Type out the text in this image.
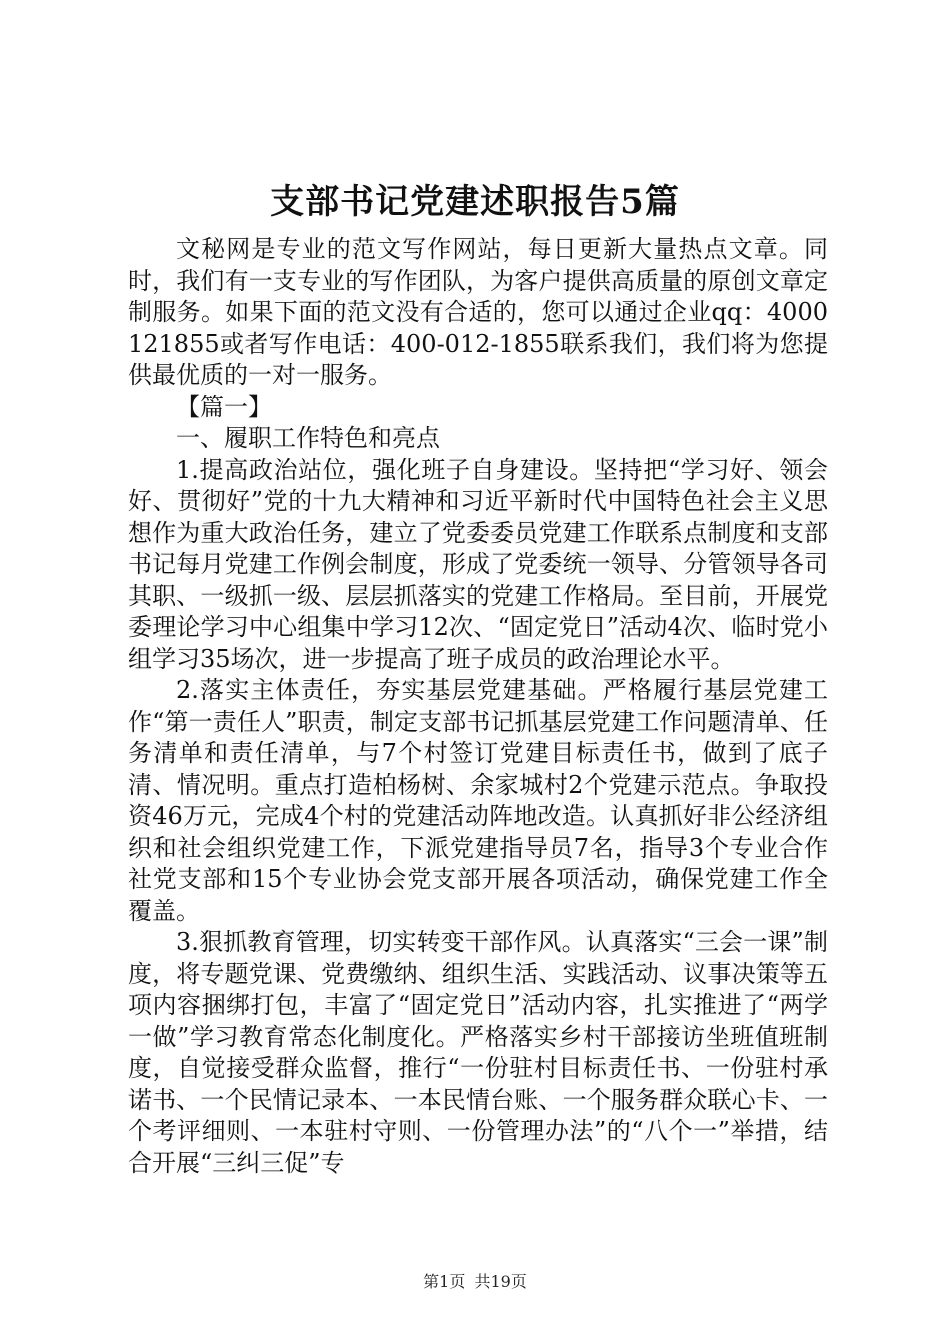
支部书记党建述职报告5篇

文秘网是专业的范文写作网站，每日更新大量热点文章。同时，我们有一支专业的写作团队，为客户提供高质量的原创文章定制服务。如果下面的范文没有合适的，您可以通过企业qq：4000121855或者写作电话：400-012-1855联系我们，我们将为您提供最优质的一对一服务。

【篇一】

一、履职工作特色和亮点

1.提高政治站位，强化班子自身建设。坚持把“学习好、领会好、贯彻好”党的十九大精神和习近平新时代中国特色社会主义思想作为重大政治任务，建立了党委委员党建工作联系点制度和支部书记每月党建工作例会制度，形成了党委统一领导、分管领导各司其职、一级抓一级、层层抓落实的党建工作格局。至目前，开展党委理论学习中心组集中学习12次、“固定党日”活动4次、临时党小组学习35场次，进一步提高了班子成员的政治理论水平。

2.落实主体责任，夯实基层党建基础。严格履行基层党建工作“第一责任人”职责，制定支部书记抓基层党建工作问题清单、任务清单和责任清单，与7个村签订党建目标责任书，做到了底子清、情况明。重点打造柏杨树、余家城村2个党建示范点。争取投资46万元，完成4个村的党建活动阵地改造。认真抓好非公经济组织和社会组织党建工作，下派党建指导员7名，指导3个专业合作社党支部和15个专业协会党支部开展各项活动，确保党建工作全覆盖。

3.狠抓教育管理，切实转变干部作风。认真落实“三会一课”制度，将专题党课、党费缴纳、组织生活、实践活动、议事决策等五项内容捆绑打包，丰富了“固定党日”活动内容，扎实推进了“两学一做”学习教育常态化制度化。严格落实乡村干部接访坐班值班制度，自觉接受群众监督，推行“一份驻村目标责任书、一份驻村承诺书、一个民情记录本、一本民情台账、一个服务群众联心卡、一个考评细则、一本驻村守则、一份管理办法”的“八个一”举措，结合开展“三纠三促”专

第1页 共19页
